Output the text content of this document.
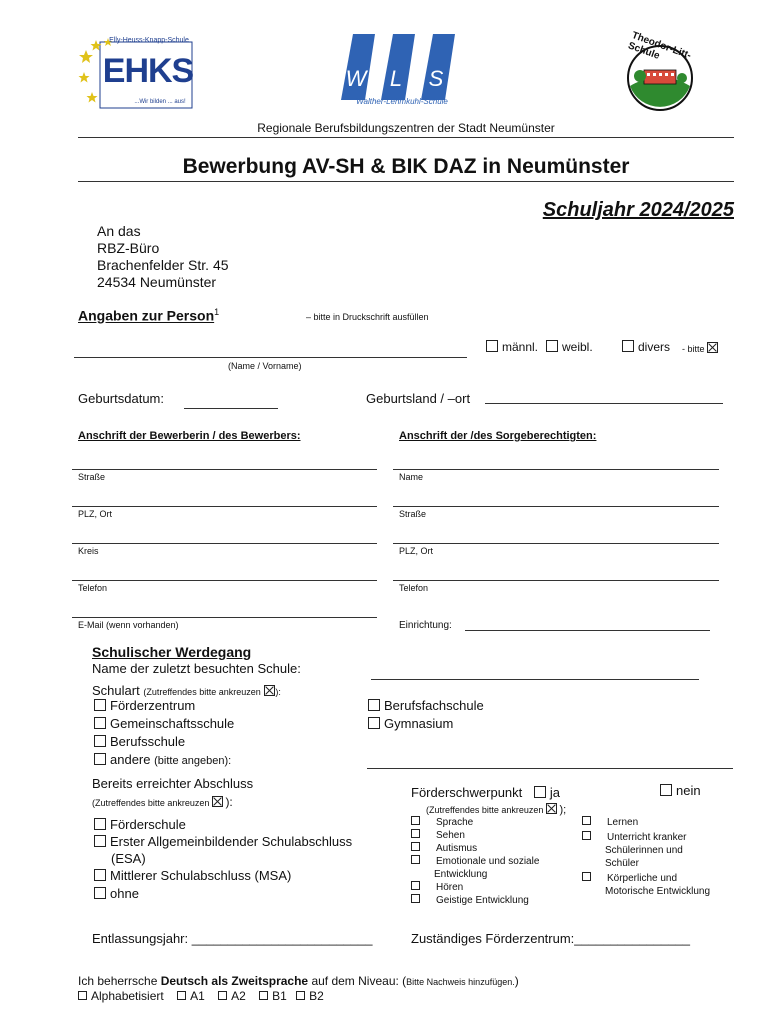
Elly-Heuss-Knapp-Schule
EHKS
...Wir bilden ... aus!
W L S
Walther-Lehmkuhl-Schule
Theodor-Litt-Schule
Regionale Berufsbildungszentren der Stadt Neumünster
Bewerbung AV-SH & BIK DAZ in Neumünster
Schuljahr 2024/2025
An das
RBZ-Büro
Brachenfelder Str. 45
24534 Neumünster
Angaben zur Person$^1$	– bitte in Druckschrift ausfüllen
männl.	weibl.	divers - bitte
(Name / Vorname)
Geburtsdatum:	Geburtsland / –ort
Anschrift der Bewerberin / des Bewerbers:	Anschrift der /des Sorgeberechtigten:
Straße	Name
PLZ, Ort	Straße
Kreis	PLZ, Ort
Telefon	Telefon
E-Mail (wenn vorhanden)	Einrichtung:
Schulischer Werdegang
Name der zuletzt besuchten Schule:
Schulart (Zutreffendes bitte ankreuzen ☒):
Förderzentrum
Gemeinschaftsschule
Berufsschule
andere (bitte angeben):
Berufsfachschule
Gymnasium
Bereits erreichter Abschluss
(Zutreffendes bitte ankreuzen ☒ ):
Förderschule
Erster Allgemeinbildender Schulabschluss
(ESA)
Mittlerer Schulabschluss (MSA)
ohne
Förderschwerpunkt ja	nein
(Zutreffendes bitte ankreuzen ☒ );
Sprache
Sehen
Autismus
Emotionale und soziale
Entwicklung
Hören
Geistige Entwicklung
Lernen
Unterricht kranker
Schülerinnen und
Schüler
Körperliche und
Motorische Entwicklung
Entlassungsjahr: _________________________	Zuständiges Förderzentrum:________________
Ich beherrsche Deutsch als Zweitsprache auf dem Niveau: (Bitte Nachweis hinzufügen.)
Alphabetisiert A1 A2 B1 B2
